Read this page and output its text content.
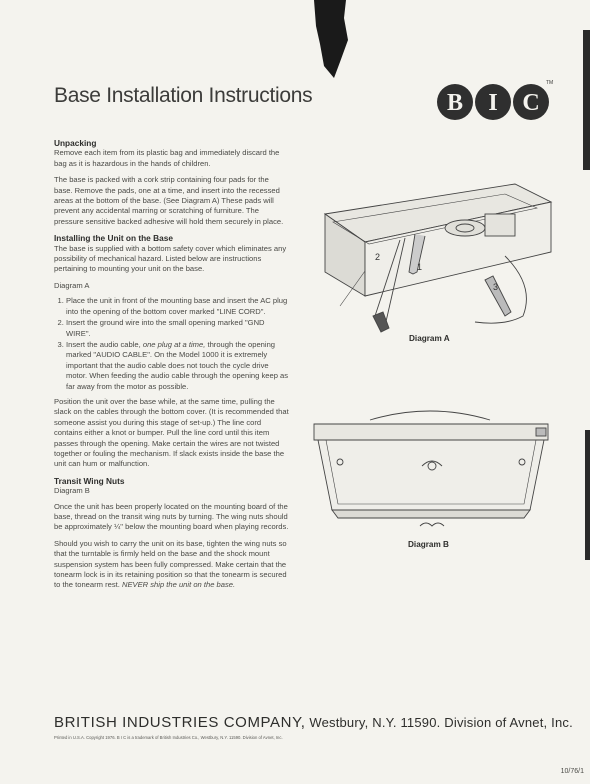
Base Installation Instructions	B I C
TM
Unpacking

Remove each item from its plastic bag and immediately discard the bag as it is hazardous in the hands of children.

The base is packed with a cork strip containing four pads for the base. Remove the pads, one at a time, and insert into the recessed areas at the bottom of the base. (See Diagram A) These pads will prevent any accidental marring or scratching of furniture. The pressure sensitive backed adhesive will hold them securely in place.

Installing the Unit on the Base

The base is supplied with a bottom safety cover which eliminates any possibility of mechanical hazard. Listed below are instructions pertaining to mounting your unit on the base.

Diagram A
1. Place the unit in front of the mounting base and insert the AC plug into the opening of the bottom cover marked "LINE CORD".
2. Insert the ground wire into the small opening marked "GND WIRE".
3. Insert the audio cable, one plug at a time, through the opening marked "AUDIO CABLE". On the Model 1000 it is extremely important that the audio cable does not touch the cycle drive motor. When feeding the audio cable through the opening keep as far away from the motor as possible.

Position the unit over the base while, at the same time, pulling the slack on the cables through the bottom cover. (It is recommended that someone assist you during this stage of set-up.) The line cord contains either a knot or bumper. Pull the line cord until this item passes through the opening. Make certain the wires are not twisted together or fouling the mechanism. If slack exists inside the base the unit can hum or malfunction.

Transit Wing Nuts
Diagram B

Once the unit has been properly located on the mounting board of the base, thread on the transit wing nuts by turning. The wing nuts should be approximately ¼" below the mounting board when playing records.

Should you wish to carry the unit on its base, tighten the wing nuts so that the turntable is firmly held on the base and the shock mount suspension system has been fully compressed. Make certain that the tonearm lock is in its retaining position so that the tonearm is secured to the tonearm rest. NEVER ship the unit on the base.

2
1
3
Diagram A
Diagram B
BRITISH INDUSTRIES COMPANY, Westbury, N.Y. 11590. Division of Avnet, Inc.
Printed in U.S.A. Copyright 1976. B I C is a trademark of British Industries Co., Westbury, N.Y. 11590. Division of Avnet, Inc.
10/76/1
